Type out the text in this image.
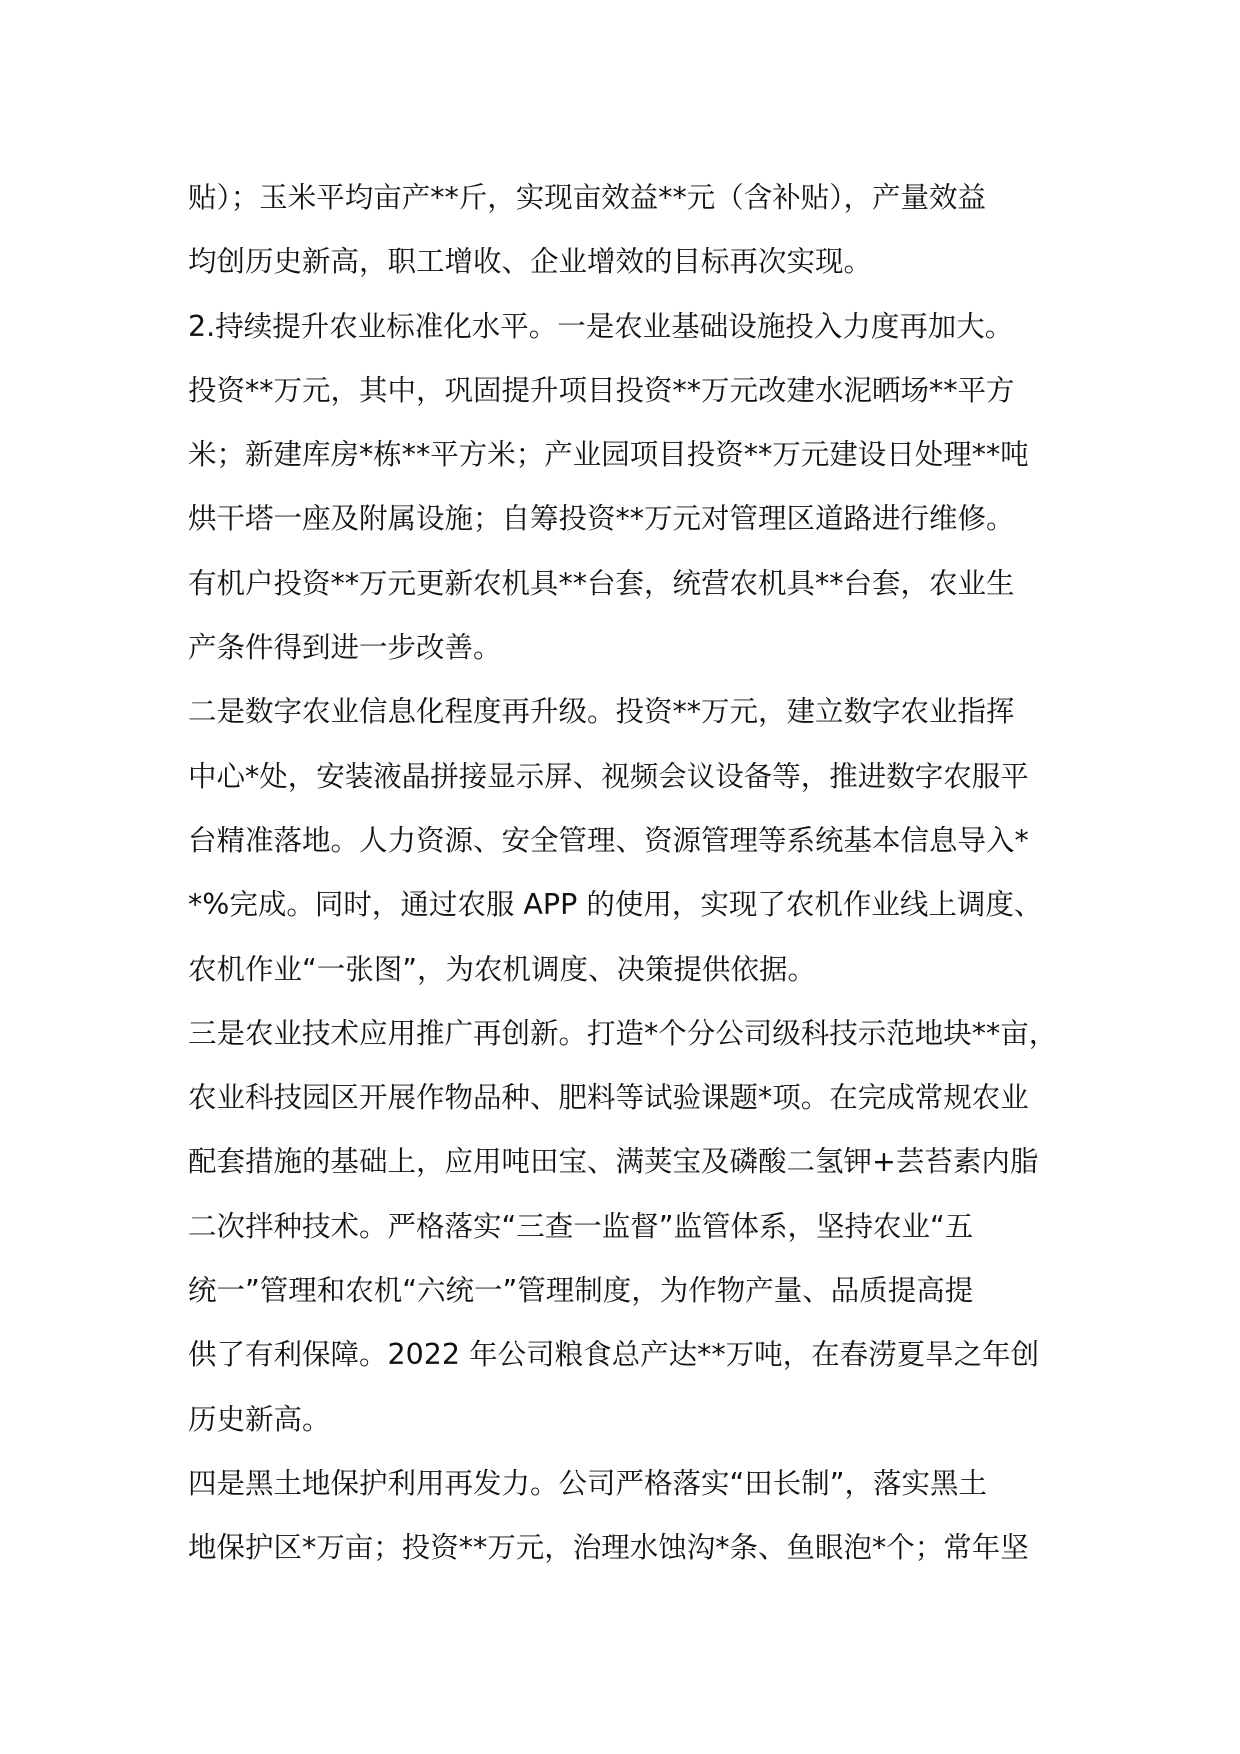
贴）；玉米平均亩产**斤，实现亩效益**元（含补贴），产量效益
均创历史新高，职工增收、企业增效的目标再次实现。
2.持续提升农业标准化水平。一是农业基础设施投入力度再加大。
投资**万元，其中，巩固提升项目投资**万元改建水泥晒场**平方
米；新建库房*栋**平方米；产业园项目投资**万元建设日处理**吨
烘干塔一座及附属设施；自筹投资**万元对管理区道路进行维修。
有机户投资**万元更新农机具**台套，统营农机具**台套，农业生
产条件得到进一步改善。
二是数字农业信息化程度再升级。投资**万元，建立数字农业指挥
中心*处，安装液晶拼接显示屏、视频会议设备等，推进数字农服平
台精准落地。人力资源、安全管理、资源管理等系统基本信息导入*
*%完成。同时，通过农服 APP 的使用，实现了农机作业线上调度、
农机作业“一张图”，为农机调度、决策提供依据。
三是农业技术应用推广再创新。打造*个分公司级科技示范地块**亩，
农业科技园区开展作物品种、肥料等试验课题*项。在完成常规农业
配套措施的基础上，应用吨田宝、满荚宝及磷酸二氢钾+芸苔素内脂
二次拌种技术。严格落实“三查一监督”监管体系，坚持农业“五
统一”管理和农机“六统一”管理制度，为作物产量、品质提高提
供了有利保障。2022 年公司粮食总产达**万吨，在春涝夏旱之年创
历史新高。
四是黑土地保护利用再发力。公司严格落实“田长制”，落实黑土
地保护区*万亩；投资**万元，治理水蚀沟*条、鱼眼泡*个；常年坚
